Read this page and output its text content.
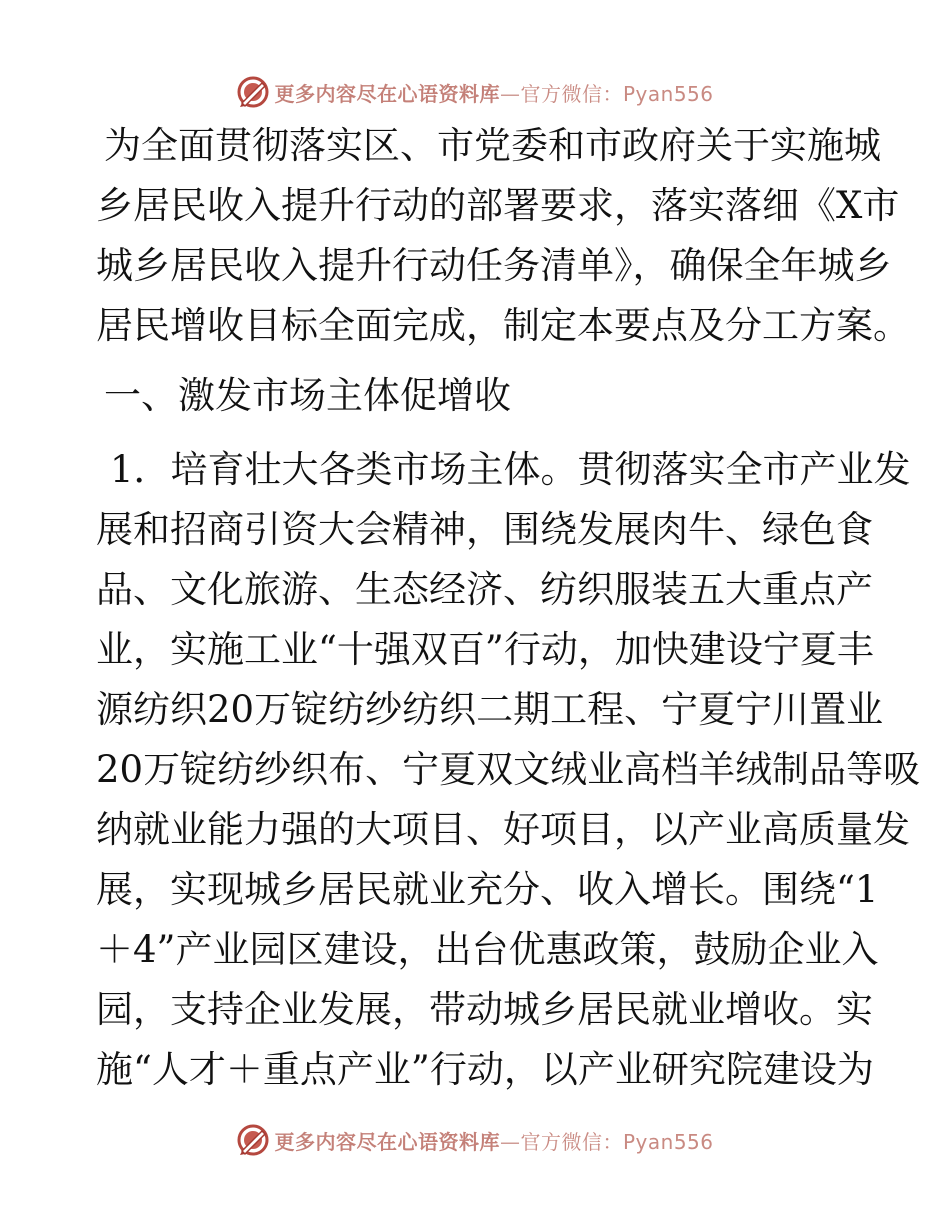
更多内容尽在心语资料库—官方微信：Pyan556
为全面贯彻落实区、市党委和市政府关于实施城
乡居民收入提升行动的部署要求，落实落细《X市
城乡居民收入提升行动任务清单》，确保全年城乡
居民增收目标全面完成，制定本要点及分工方案。
一、激发市场主体促增收
1．培育壮大各类市场主体。贯彻落实全市产业发
展和招商引资大会精神，围绕发展肉牛、绿色食
品、文化旅游、生态经济、纺织服装五大重点产
业，实施工业“十强双百”行动，加快建设宁夏丰
源纺织20万锭纺纱纺织二期工程、宁夏宁川置业
20万锭纺纱织布、宁夏双文绒业高档羊绒制品等吸
纳就业能力强的大项目、好项目，以产业高质量发
展，实现城乡居民就业充分、收入增长。围绕“1
＋4”产业园区建设，出台优惠政策，鼓励企业入
园，支持企业发展，带动城乡居民就业增收。实
施“人才＋重点产业”行动，以产业研究院建设为
更多内容尽在心语资料库—官方微信：Pyan556
